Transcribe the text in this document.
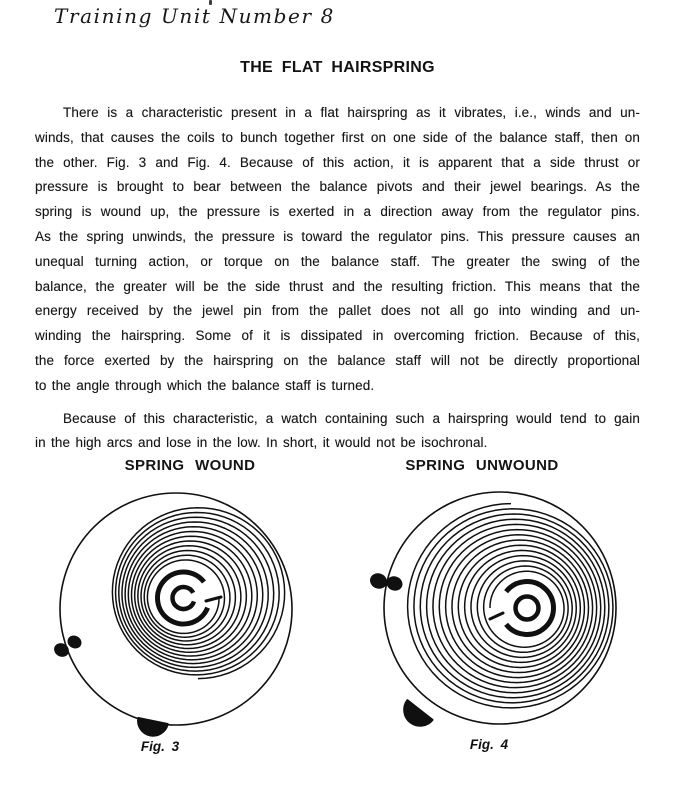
Training Unit Number 8
THE FLAT HAIRSPRING
There is a characteristic present in a flat hairspring as it vibrates, i.e., winds and un-
winds, that causes the coils to bunch together first on one side of the balance staff, then on
the other. Fig. 3 and Fig. 4. Because of this action, it is apparent that a side thrust or
pressure is brought to bear between the balance pivots and their jewel bearings. As the
spring is wound up, the pressure is exerted in a direction away from the regulator pins.
As the spring unwinds, the pressure is toward the regulator pins. This pressure causes an
unequal turning action, or torque on the balance staff. The greater the swing of the
balance, the greater will be the side thrust and the resulting friction. This means that the
energy received by the jewel pin from the pallet does not all go into winding and un-
winding the hairspring. Some of it is dissipated in overcoming friction. Because of this,
the force exerted by the hairspring on the balance staff will not be directly proportional
to the angle through which the balance staff is turned.
Because of this characteristic, a watch containing such a hairspring would tend to gain
in the high arcs and lose in the low. In short, it would not be isochronal.
SPRING WOUND	SPRING UNWOUND
Fig. 3	Fig. 4
